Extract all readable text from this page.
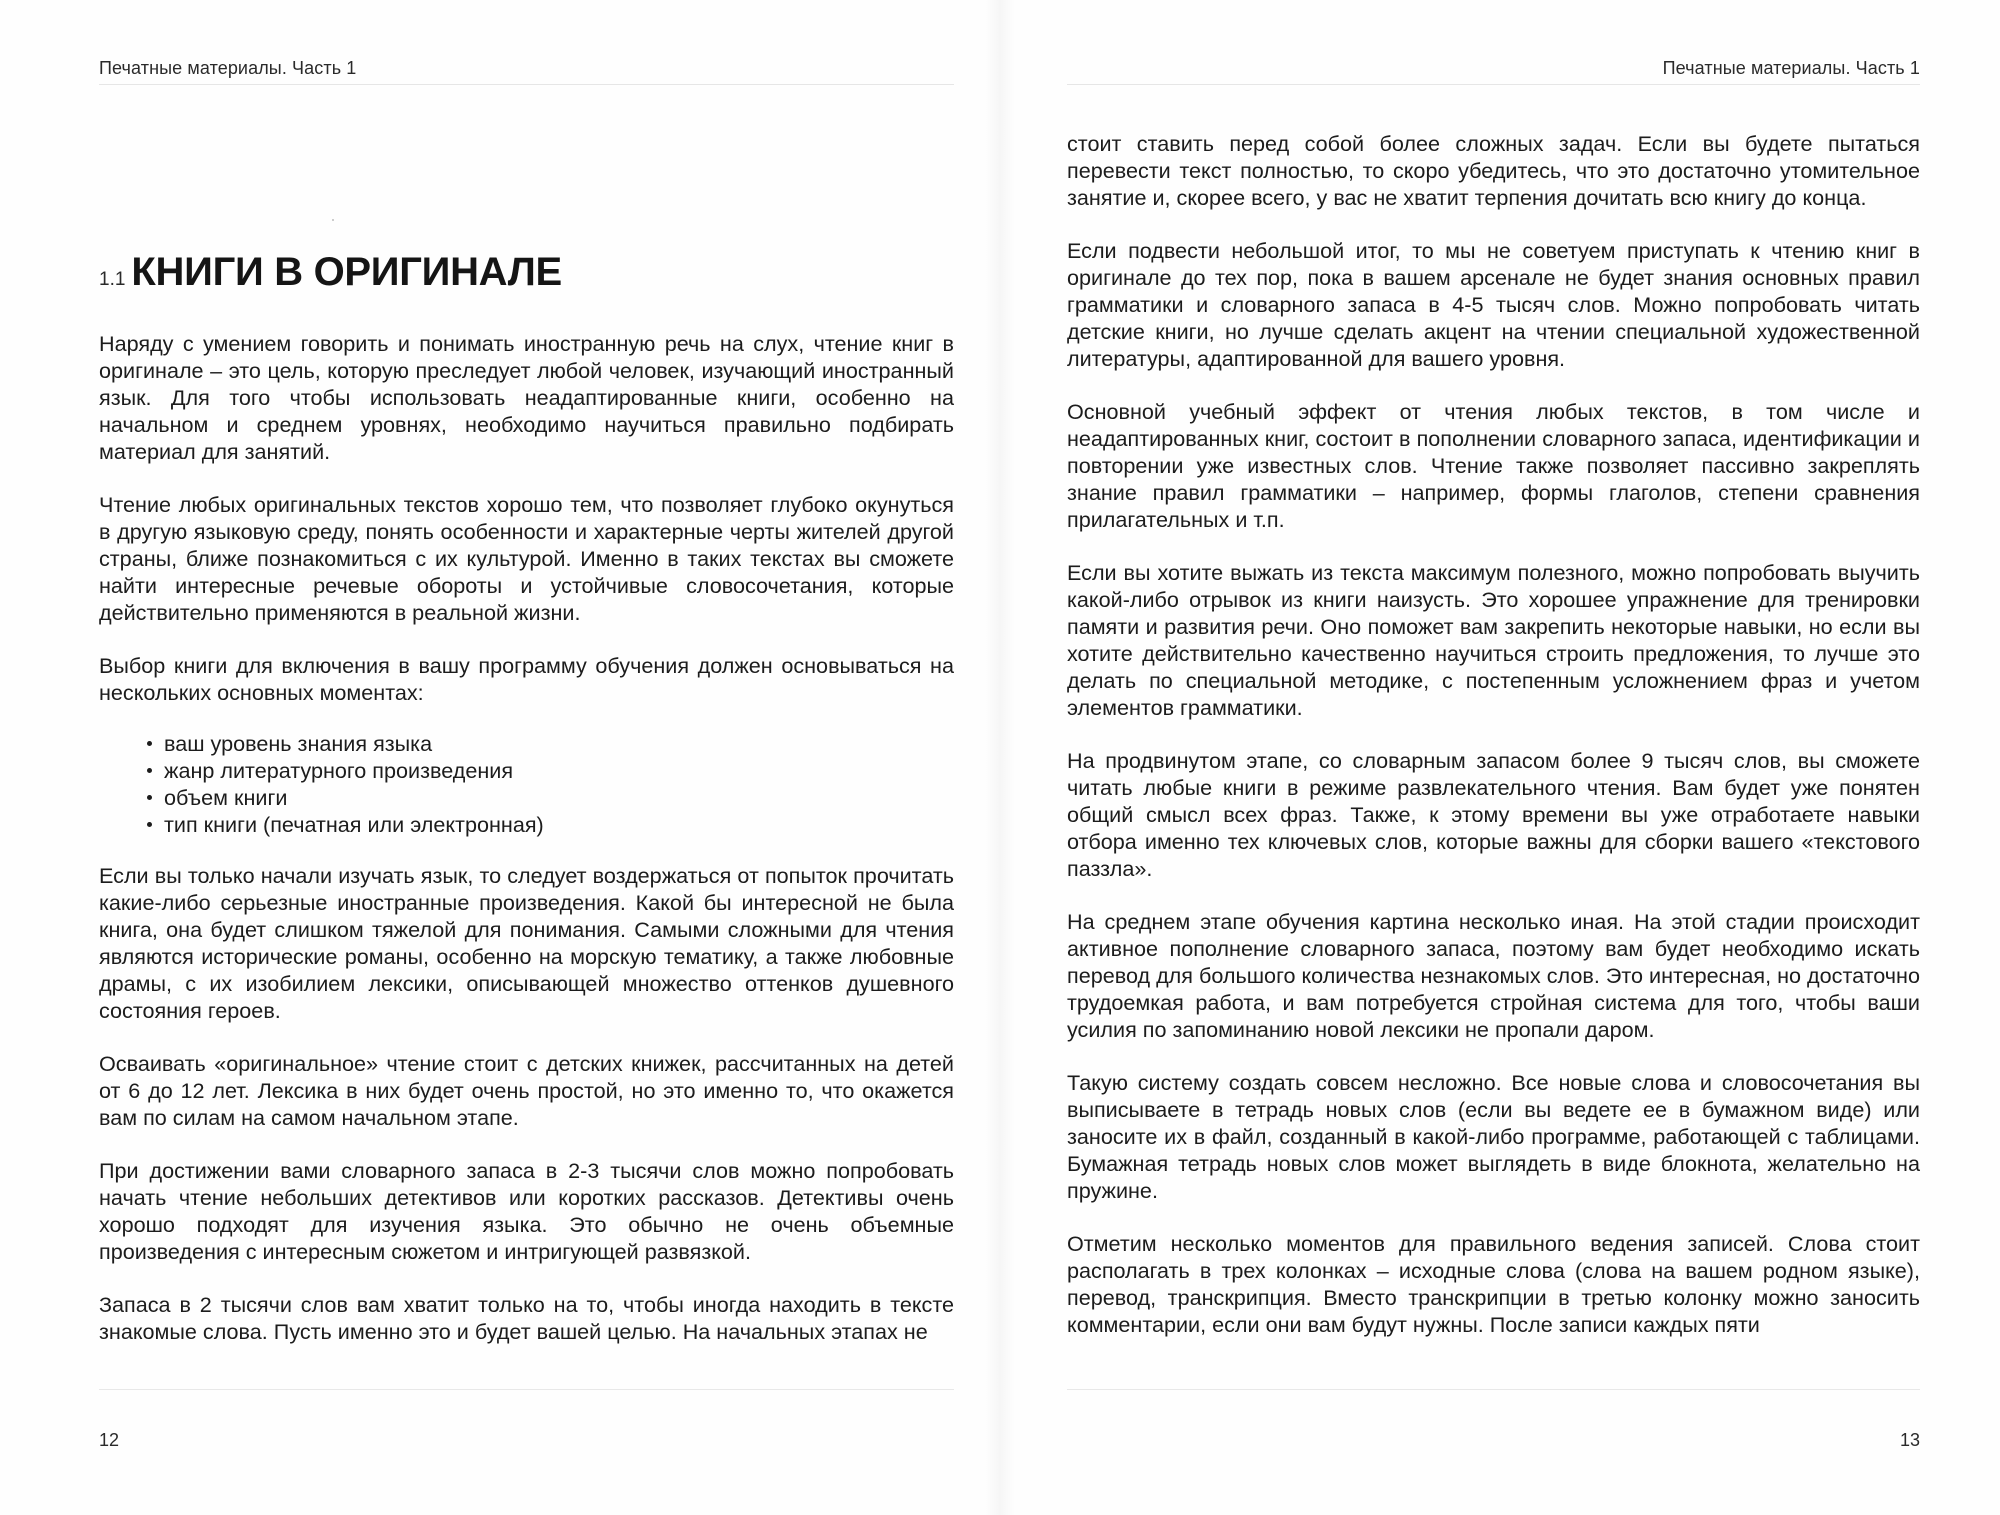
Печатные материалы. Часть 1
1.1 КНИГИ В ОРИГИНАЛЕ

Наряду с умением говорить и понимать иностранную речь на слух, чтение книг в оригинале – это цель, которую преследует любой человек, изучающий иностранный язык. Для того чтобы использовать неадаптированные книги, особенно на начальном и среднем уровнях, необходимо научиться правильно подбирать материал для занятий.

Чтение любых оригинальных текстов хорошо тем, что позволяет глубоко окунуться в другую языковую среду, понять особенности и характерные черты жителей другой страны, ближе познакомиться с их культурой. Именно в таких текстах вы сможете найти интересные речевые обороты и устойчивые словосочетания, которые действительно применяются в реальной жизни.

Выбор книги для включения в вашу программу обучения должен основываться на нескольких основных моментах:

ваш уровень знания языка
жанр литературного произведения
объем книги
тип книги (печатная или электронная)

Если вы только начали изучать язык, то следует воздержаться от попыток прочитать какие-либо серьезные иностранные произведения. Какой бы интересной не была книга, она будет слишком тяжелой для понимания. Самыми сложными для чтения являются исторические романы, особенно на морскую тематику, а также любовные драмы, с их изобилием лексики, описывающей множество оттенков душевного состояния героев.

Осваивать «оригинальное» чтение стоит с детских книжек, рассчитанных на детей от 6 до 12 лет. Лексика в них будет очень простой, но это именно то, что окажется вам по силам на самом начальном этапе.

При достижении вами словарного запаса в 2-3 тысячи слов можно попробовать начать чтение небольших детективов или коротких рассказов. Детективы очень хорошо подходят для изучения языка. Это обычно не очень объемные произведения с интересным сюжетом и интригующей развязкой.

Запаса в 2 тысячи слов вам хватит только на то, чтобы иногда находить в тексте знакомые слова. Пусть именно это и будет вашей целью. На начальных этапах не

12
Печатные материалы. Часть 1

стоит ставить перед собой более сложных задач. Если вы будете пытаться перевести текст полностью, то скоро убедитесь, что это достаточно утомительное занятие и, скорее всего, у вас не хватит терпения дочитать всю книгу до конца.

Если подвести небольшой итог, то мы не советуем приступать к чтению книг в оригинале до тех пор, пока в вашем арсенале не будет знания основных правил грамматики и словарного запаса в 4-5 тысяч слов. Можно попробовать читать детские книги, но лучше сделать акцент на чтении специальной художественной литературы, адаптированной для вашего уровня.

Основной учебный эффект от чтения любых текстов, в том числе и неадаптированных книг, состоит в пополнении словарного запаса, идентификации и повторении уже известных слов. Чтение также позволяет пассивно закреплять знание правил грамматики – например, формы глаголов, степени сравнения прилагательных и т.п.

Если вы хотите выжать из текста максимум полезного, можно попробовать выучить какой-либо отрывок из книги наизусть. Это хорошее упражнение для тренировки памяти и развития речи. Оно поможет вам закрепить некоторые навыки, но если вы хотите действительно качественно научиться строить предложения, то лучше это делать по специальной методике, с постепенным усложнением фраз и учетом элементов грамматики.

На продвинутом этапе, со словарным запасом более 9 тысяч слов, вы сможете читать любые книги в режиме развлекательного чтения. Вам будет уже понятен общий смысл всех фраз. Также, к этому времени вы уже отработаете навыки отбора именно тех ключевых слов, которые важны для сборки вашего «текстового паззла».

На среднем этапе обучения картина несколько иная. На этой стадии происходит активное пополнение словарного запаса, поэтому вам будет необходимо искать перевод для большого количества незнакомых слов. Это интересная, но достаточно трудоемкая работа, и вам потребуется стройная система для того, чтобы ваши усилия по запоминанию новой лексики не пропали даром.

Такую систему создать совсем несложно. Все новые слова и словосочетания вы выписываете в тетрадь новых слов (если вы ведете ее в бумажном виде) или заносите их в файл, созданный в какой-либо программе, работающей с таблицами. Бумажная тетрадь новых слов может выглядеть в виде блокнота, желательно на пружине.

Отметим несколько моментов для правильного ведения записей. Слова стоит располагать в трех колонках – исходные слова (слова на вашем родном языке), перевод, транскрипция. Вместо транскрипции в третью колонку можно заносить комментарии, если они вам будут нужны. После записи каждых пяти

13
